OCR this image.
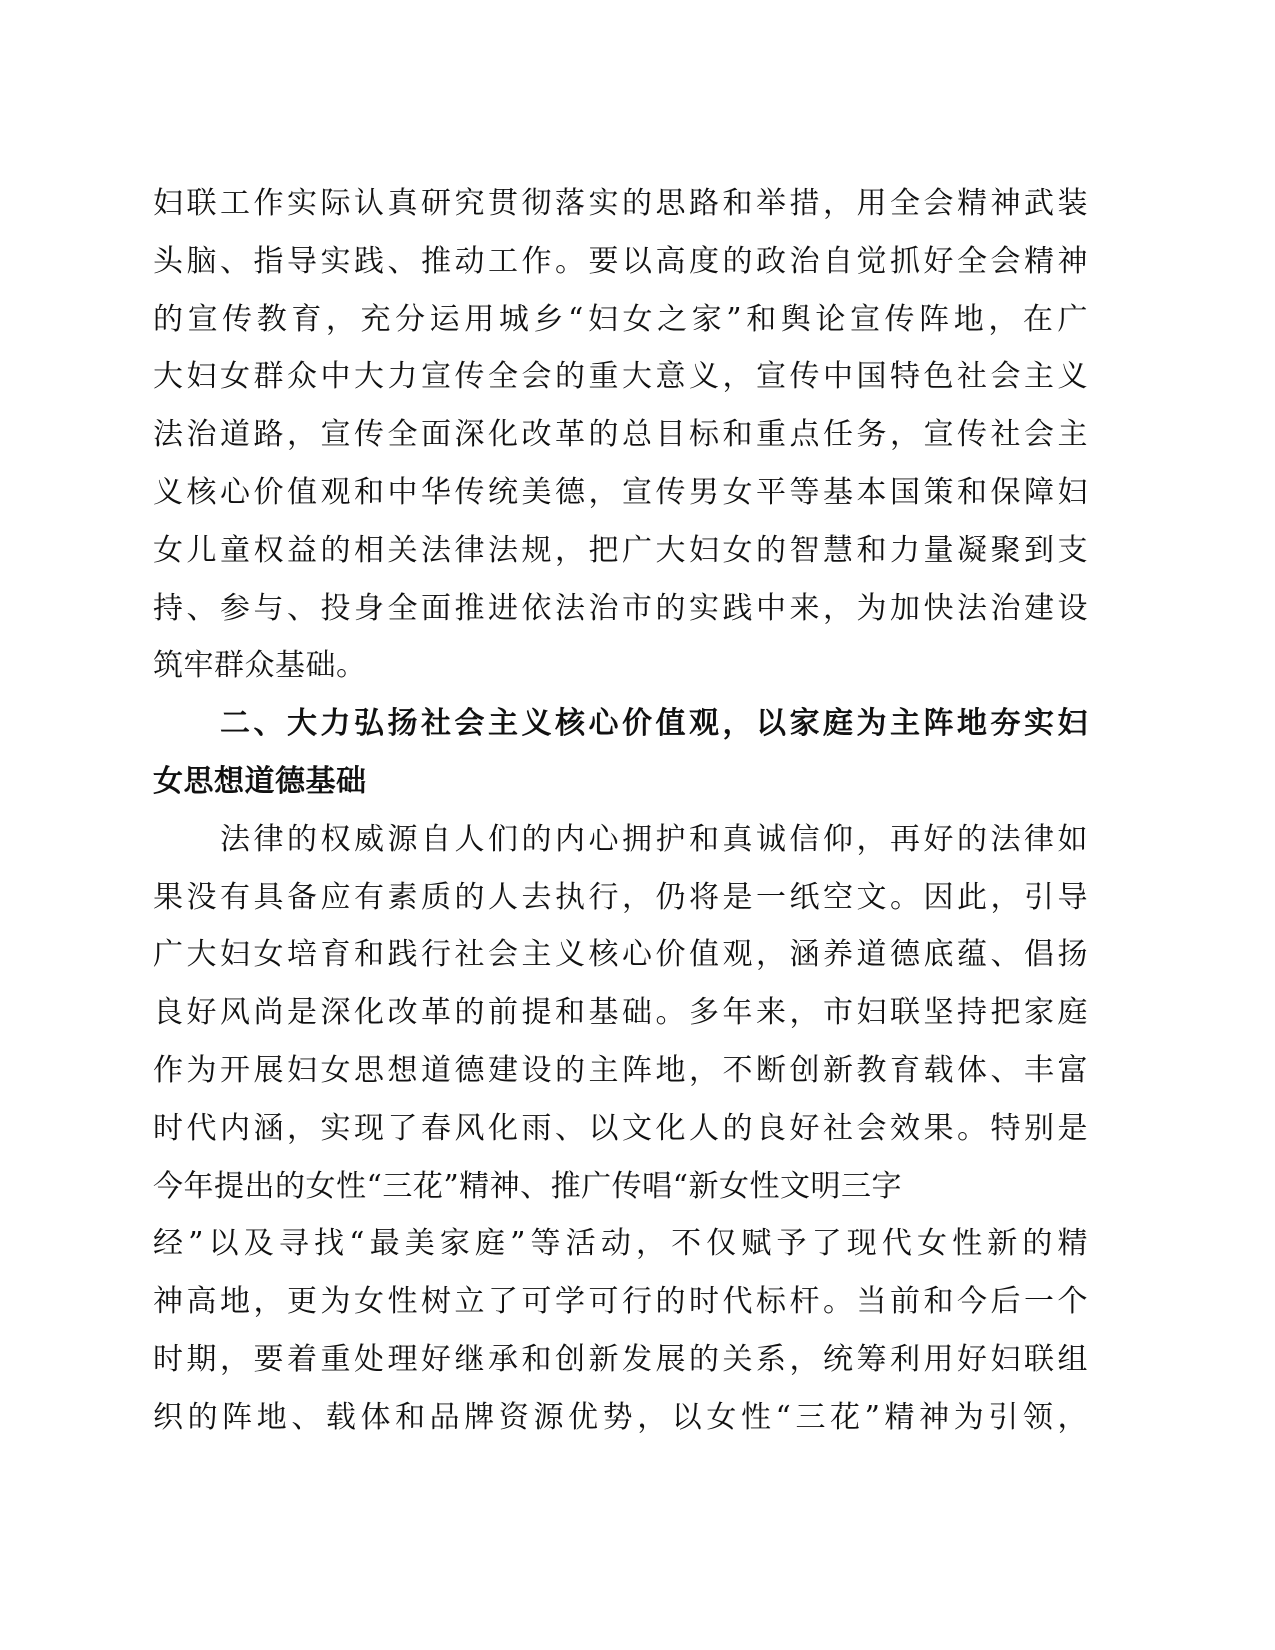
妇联工作实际认真研究贯彻落实的思路和举措，用全会精神武装
头脑、指导实践、推动工作。要以高度的政治自觉抓好全会精神
的宣传教育，充分运用城乡“妇女之家”和舆论宣传阵地，在广
大妇女群众中大力宣传全会的重大意义，宣传中国特色社会主义
法治道路，宣传全面深化改革的总目标和重点任务，宣传社会主
义核心价值观和中华传统美德，宣传男女平等基本国策和保障妇
女儿童权益的相关法律法规，把广大妇女的智慧和力量凝聚到支
持、参与、投身全面推进依法治市的实践中来，为加快法治建设
筑牢群众基础。
二、大力弘扬社会主义核心价值观，以家庭为主阵地夯实妇
女思想道德基础
法律的权威源自人们的内心拥护和真诚信仰，再好的法律如
果没有具备应有素质的人去执行，仍将是一纸空文。因此，引导
广大妇女培育和践行社会主义核心价值观，涵养道德底蕴、倡扬
良好风尚是深化改革的前提和基础。多年来，市妇联坚持把家庭
作为开展妇女思想道德建设的主阵地，不断创新教育载体、丰富
时代内涵，实现了春风化雨、以文化人的良好社会效果。特别是
今年提出的女性“三花”精神、推广传唱“新女性文明三字
经”以及寻找“最美家庭”等活动，不仅赋予了现代女性新的精
神高地，更为女性树立了可学可行的时代标杆。当前和今后一个
时期，要着重处理好继承和创新发展的关系，统筹利用好妇联组
织的阵地、载体和品牌资源优势，以女性“三花”精神为引领，
